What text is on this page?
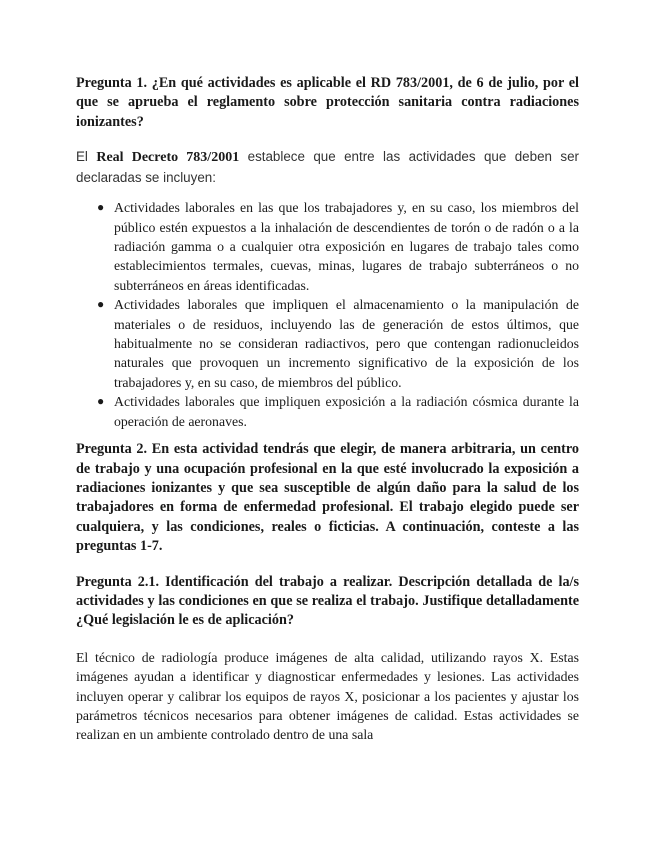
Pregunta 1. ¿En qué actividades es aplicable el RD 783/2001, de 6 de julio, por el que se aprueba el reglamento sobre protección sanitaria contra radiaciones ionizantes?

El Real Decreto 783/2001 establece que entre las actividades que deben ser declaradas se incluyen:

● Actividades laborales en las que los trabajadores y, en su caso, los miembros del público estén expuestos a la inhalación de descendientes de torón o de radón o a la radiación gamma o a cualquier otra exposición en lugares de trabajo tales como establecimientos termales, cuevas, minas, lugares de trabajo subterráneos o no subterráneos en áreas identificadas.
● Actividades laborales que impliquen el almacenamiento o la manipulación de materiales o de residuos, incluyendo las de generación de estos últimos, que habitualmente no se consideran radiactivos, pero que contengan radionucleidos naturales que provoquen un incremento significativo de la exposición de los trabajadores y, en su caso, de miembros del público.
● Actividades laborales que impliquen exposición a la radiación cósmica durante la operación de aeronaves.

Pregunta 2. En esta actividad tendrás que elegir, de manera arbitraria, un centro de trabajo y una ocupación profesional en la que esté involucrado la exposición a radiaciones ionizantes y que sea susceptible de algún daño para la salud de los trabajadores en forma de enfermedad profesional. El trabajo elegido puede ser cualquiera, y las condiciones, reales o ficticias. A continuación, conteste a las preguntas 1-7.

Pregunta 2.1. Identificación del trabajo a realizar. Descripción detallada de la/s actividades y las condiciones en que se realiza el trabajo. Justifique detalladamente ¿Qué legislación le es de aplicación?

El técnico de radiología produce imágenes de alta calidad, utilizando rayos X. Estas imágenes ayudan a identificar y diagnosticar enfermedades y lesiones. Las actividades incluyen operar y calibrar los equipos de rayos X, posicionar a los pacientes y ajustar los parámetros técnicos necesarios para obtener imágenes de calidad. Estas actividades se realizan en un ambiente controlado dentro de una sala
